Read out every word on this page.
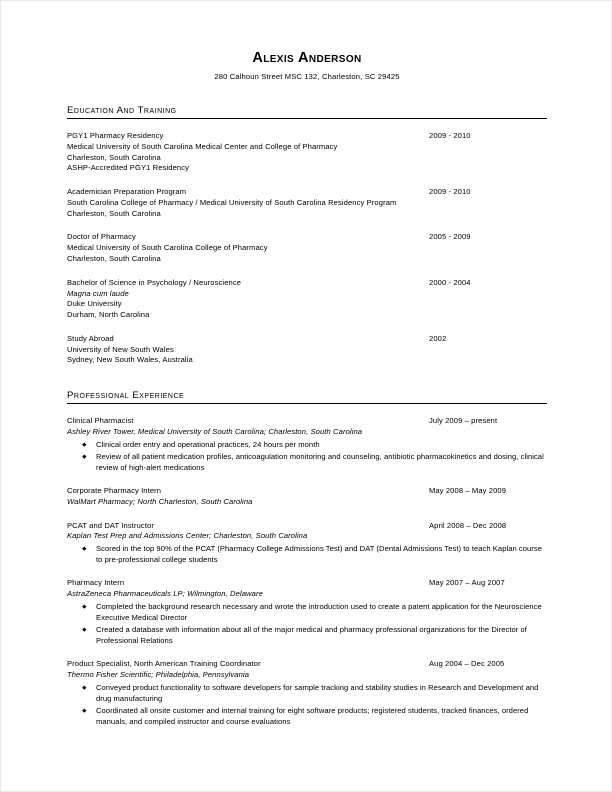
Alexis Anderson
280 Calhoun Street MSC 132, Charleston, SC 29425
Education And Training
PGY1 Pharmacy Residency	2009 - 2010
Medical University of South Carolina Medical Center and College of Pharmacy
Charleston, South Carolina
ASHP-Accredited PGY1 Residency
Academician Preparation Program	2009 - 2010
South Carolina College of Pharmacy / Medical University of South Carolina Residency Program
Charleston, South Carolina
Doctor of Pharmacy	2005 - 2009
Medical University of South Carolina College of Pharmacy
Charleston, South Carolina
Bachelor of Science in Psychology / Neuroscience	2000 - 2004
Magna cum laude
Duke University
Durham, North Carolina
Study Abroad	2002
University of New South Wales
Sydney, New South Wales, Australia
Professional Experience
Clinical Pharmacist	July 2009 – present
Ashley River Tower, Medical University of South Carolina; Charleston, South Carolina
Clinical order entry and operational practices, 24 hours per month
Review of all patient medication profiles, anticoagulation monitoring and counseling, antibiotic pharmacokinetics and dosing, clinical review of high-alert medications
Corporate Pharmacy Intern	May 2008 – May 2009
WalMart Pharmacy; North Charleston, South Carolina
PCAT and DAT Instructor	April 2008 – Dec 2008
Kaplan Test Prep and Admissions Center; Charleston, South Carolina
Scored in the top 90% of the PCAT (Pharmacy College Admissions Test) and DAT (Dental Admissions Test) to teach Kaplan course to pre-professional college students
Pharmacy Intern	May 2007 – Aug 2007
AstraZeneca Pharmaceuticals LP; Wilmington, Delaware
Completed the background research necessary and wrote the introduction used to create a patent application for the Neuroscience Executive Medical Director
Created a database with information about all of the major medical and pharmacy professional organizations for the Director of Professional Relations
Product Specialist, North American Training Coordinator	Aug 2004 – Dec 2005
Thermo Fisher Scientific; Philadelphia, Pennsylvania
Conveyed product functionality to software developers for sample tracking and stability studies in Research and Development and drug manufacturing
Coordinated all onsite customer and internal training for eight software products; registered students, tracked finances, ordered manuals, and compiled instructor and course evaluations
